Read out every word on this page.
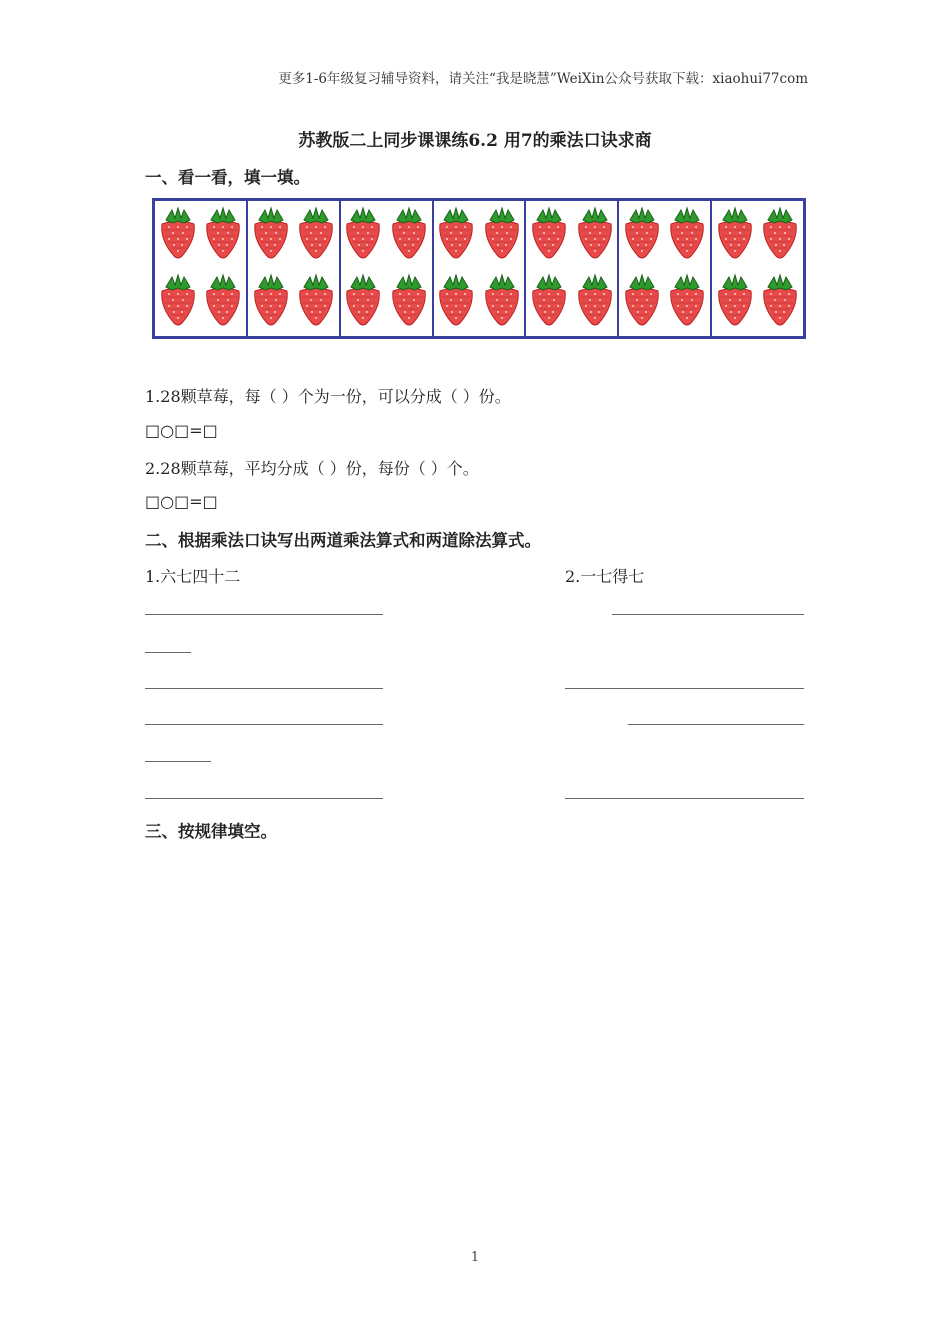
更多1-6年级复习辅导资料，请关注“我是晓慧”WeiXin公众号获取下载：xiaohui77com
苏教版二上同步课课练6.2 用7的乘法口诀求商
一、看一看，填一填。
1.28颗草莓，每（ ）个为一份，可以分成（ ）份。
□○□=□
2.28颗草莓，平均分成（ ）份，每份（ ）个。
□○□=□
二、根据乘法口诀写出两道乘法算式和两道除法算式。
1.六七四十二	2.一七得七
三、按规律填空。
1
